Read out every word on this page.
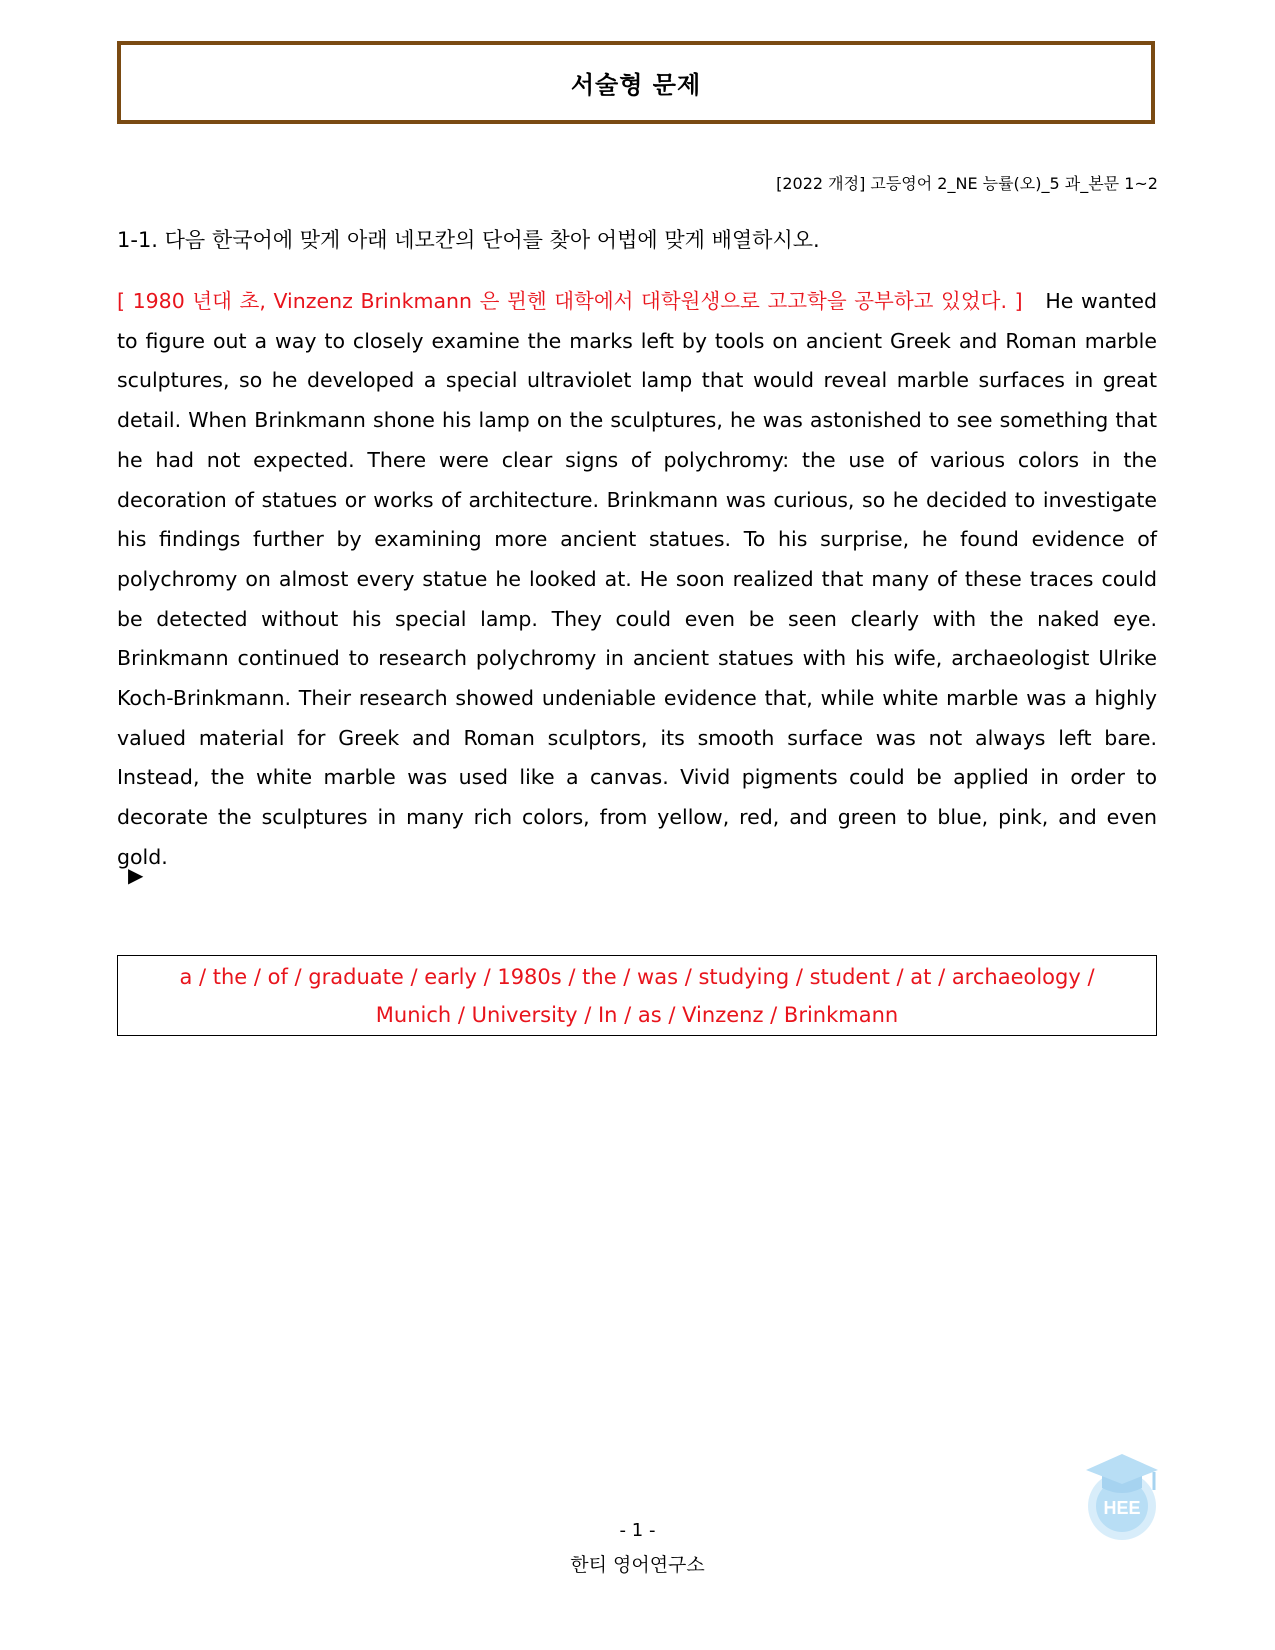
서술형 문제
[2022 개정] 고등영어 2_NE 능률(오)_5 과_본문 1~2
1-1. 다음 한국어에 맞게 아래 네모칸의 단어를 찾아 어법에 맞게 배열하시오.

[ 1980 년대 초, Vinzenz Brinkmann 은 뮌헨 대학에서 대학원생으로 고고학을 공부하고 있었다. ] He wanted to figure out a way to closely examine the marks left by tools on ancient Greek and Roman marble sculptures, so he developed a special ultraviolet lamp that would reveal marble surfaces in great detail. When Brinkmann shone his lamp on the sculptures, he was astonished to see something that he had not expected. There were clear signs of polychromy: the use of various colors in the decoration of statues or works of architecture. Brinkmann was curious, so he decided to investigate his findings further by examining more ancient statues. To his surprise, he found evidence of polychromy on almost every statue he looked at. He soon realized that many of these traces could be detected without his special lamp. They could even be seen clearly with the naked eye. Brinkmann continued to research polychromy in ancient statues with his wife, archaeologist Ulrike Koch-Brinkmann. Their research showed undeniable evidence that, while white marble was a highly valued material for Greek and Roman sculptors, its smooth surface was not always left bare. Instead, the white marble was used like a canvas. Vivid pigments could be applied in order to decorate the sculptures in many rich colors, from yellow, red, and green to blue, pink, and even gold.

▶
a / the / of / graduate / early / 1980s / the / was / studying / student / at / archaeology /
Munich / University / In / as / Vinzenz / Brinkmann
- 1 -
한티 영어연구소
HEE
